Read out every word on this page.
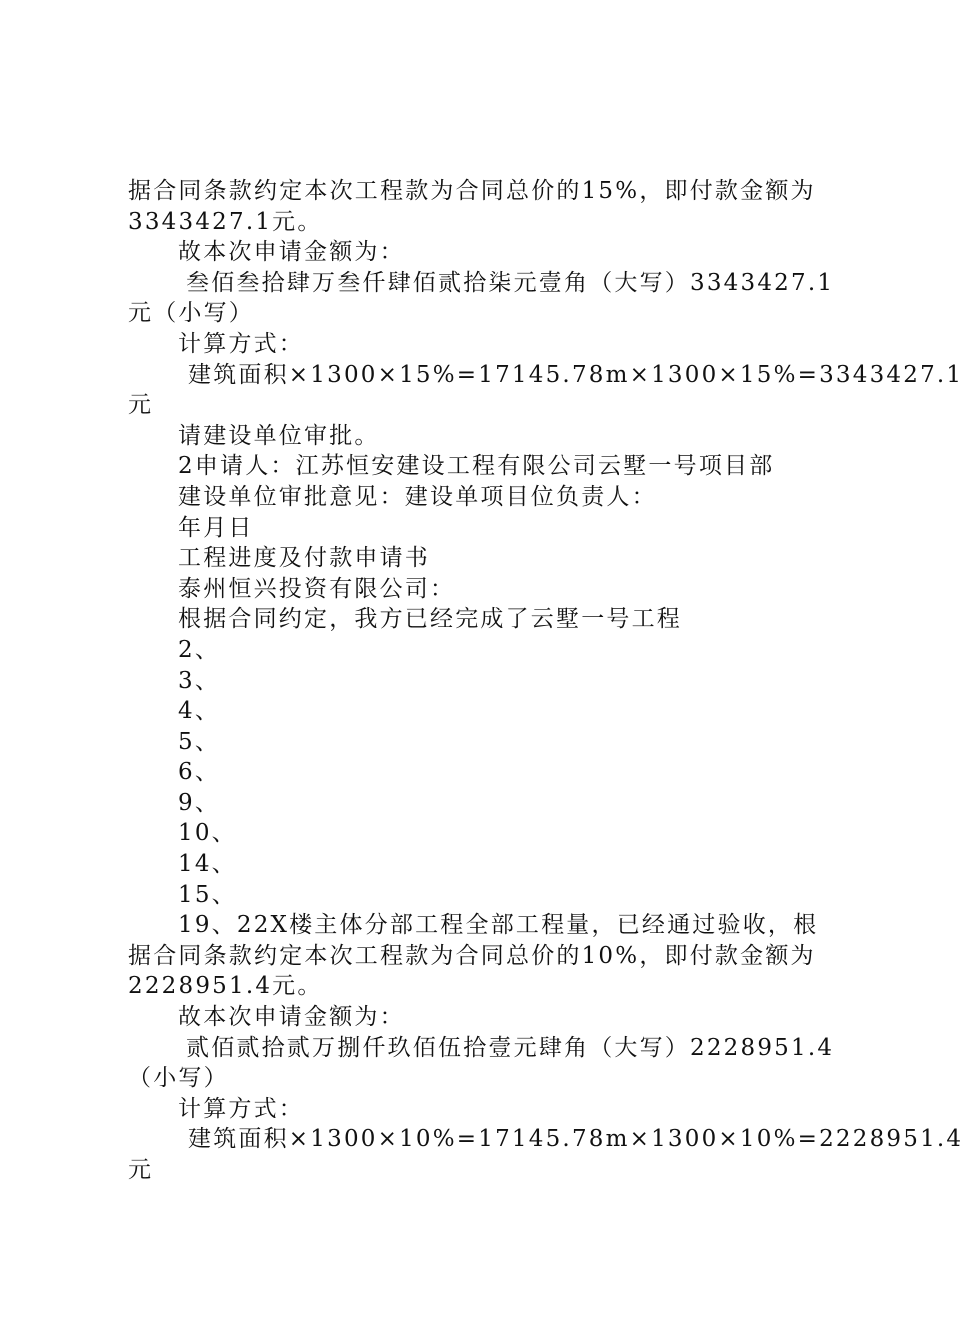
据合同条款约定本次工程款为合同总价的15%，即付款金额为
3343427.1元。
故本次申请金额为：
叁佰叁拾肆万叁仟肆佰贰拾柒元壹角（大写）3343427.1
元（小写）
计算方式：
建筑面积×1300×15%=17145.78m×1300×15%=3343427.1
元
请建设单位审批。
2申请人：江苏恒安建设工程有限公司云墅一号项目部
建设单位审批意见：建设单项目位负责人：
年月日
工程进度及付款申请书
泰州恒兴投资有限公司：
根据合同约定，我方已经完成了云墅一号工程
2、
3、
4、
5、
6、
9、
10、
14、
15、
19、22X楼主体分部工程全部工程量，已经通过验收，根
据合同条款约定本次工程款为合同总价的10%，即付款金额为
2228951.4元。
故本次申请金额为：
贰佰贰拾贰万捌仟玖佰伍拾壹元肆角（大写）2228951.4
（小写）
计算方式：
建筑面积×1300×10%=17145.78m×1300×10%=2228951.4
元
